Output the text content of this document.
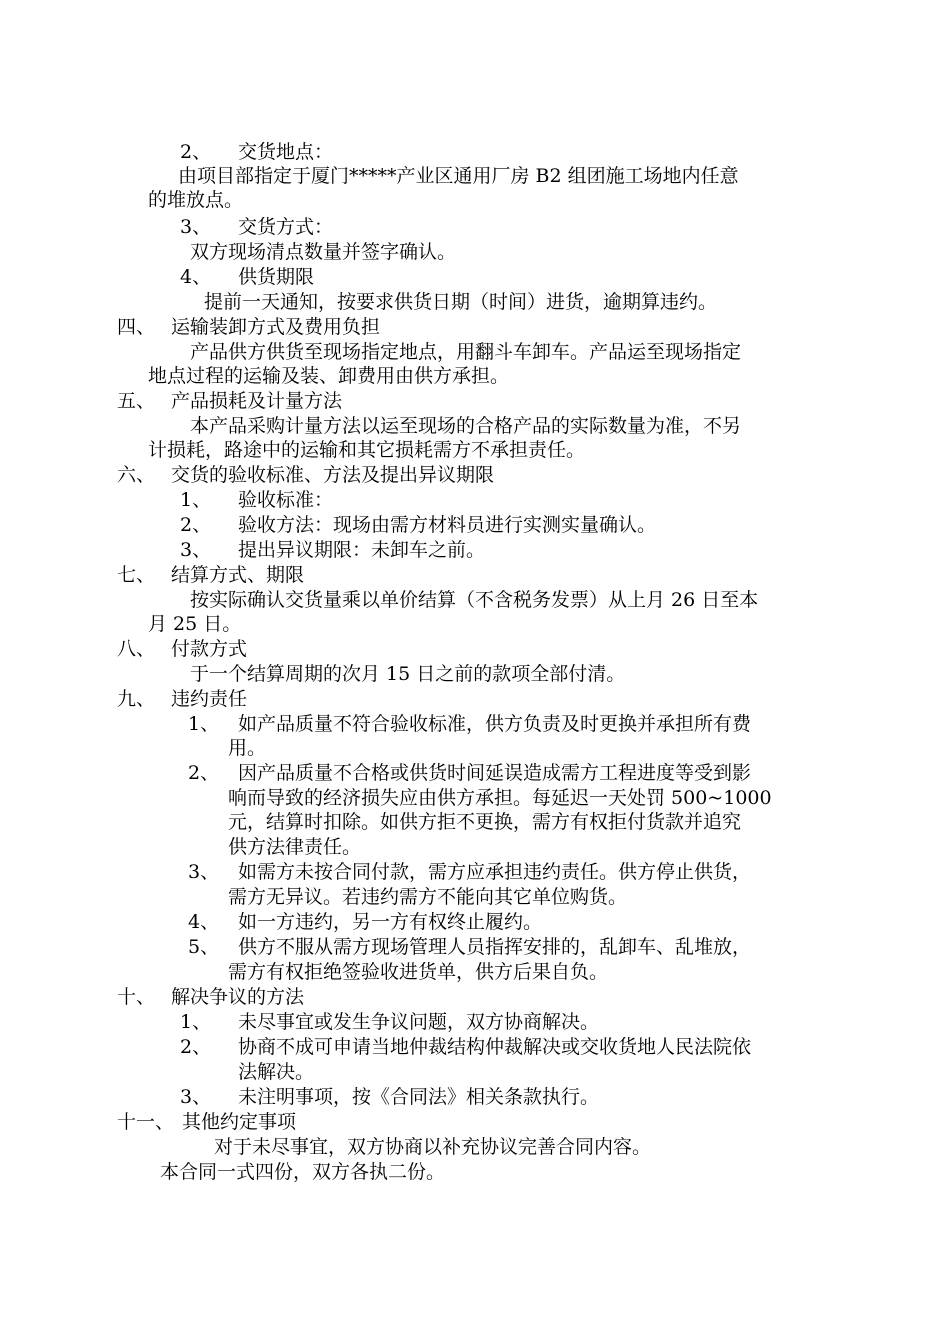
2、 交货地点：
由项目部指定于厦门*****产业区通用厂房 B2 组团施工场地内任意
的堆放点。
3、 交货方式：
双方现场清点数量并签字确认。
4、 供货期限
提前一天通知，按要求供货日期（时间）进货，逾期算违约。
四、 运输装卸方式及费用负担
产品供方供货至现场指定地点，用翻斗车卸车。产品运至现场指定
地点过程的运输及装、卸费用由供方承担。
五、 产品损耗及计量方法
本产品采购计量方法以运至现场的合格产品的实际数量为准，不另
计损耗，路途中的运输和其它损耗需方不承担责任。
六、 交货的验收标准、方法及提出异议期限
1、 验收标准：
2、 验收方法：现场由需方材料员进行实测实量确认。
3、 提出异议期限：未卸车之前。
七、 结算方式、期限
按实际确认交货量乘以单价结算（不含税务发票）从上月 26 日至本
月 25 日。
八、 付款方式
于一个结算周期的次月 15 日之前的款项全部付清。
九、 违约责任
1、 如产品质量不符合验收标准，供方负责及时更换并承担所有费
用。
2、 因产品质量不合格或供货时间延误造成需方工程进度等受到影
响而导致的经济损失应由供方承担。每延迟一天处罚 500~1000
元，结算时扣除。如供方拒不更换，需方有权拒付货款并追究
供方法律责任。
3、 如需方未按合同付款，需方应承担违约责任。供方停止供货，
需方无异议。若违约需方不能向其它单位购货。
4、 如一方违约，另一方有权终止履约。
5、 供方不服从需方现场管理人员指挥安排的，乱卸车、乱堆放，
需方有权拒绝签验收进货单，供方后果自负。
十、 解决争议的方法
1、 未尽事宜或发生争议问题，双方协商解决。
2、 协商不成可申请当地仲裁结构仲裁解决或交收货地人民法院依
法解决。
3、 未注明事项，按《合同法》相关条款执行。
十一、 其他约定事项
对于未尽事宜，双方协商以补充协议完善合同内容。
本合同一式四份，双方各执二份。
